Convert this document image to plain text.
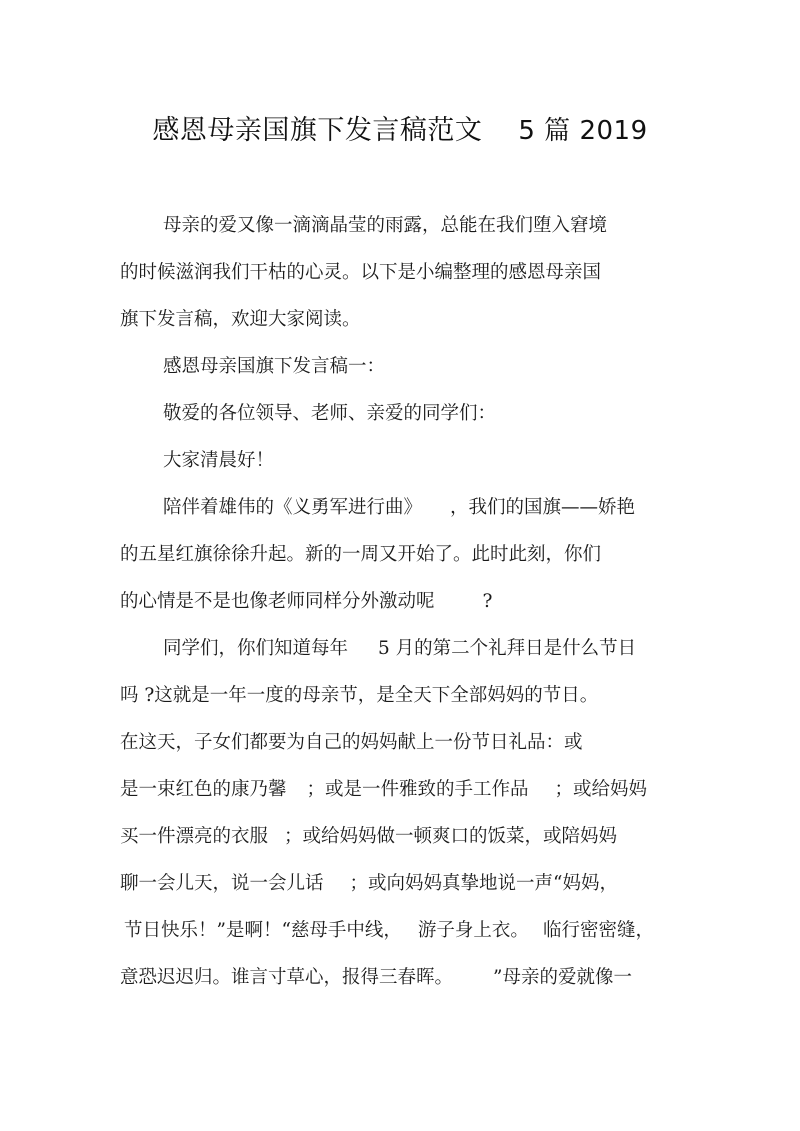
感恩母亲国旗下发言稿范文 5 篇 2019
母亲的爱又像一滴滴晶莹的雨露，总能在我们堕入窘境
的时候滋润我们干枯的心灵。以下是小编整理的感恩母亲国
旗下发言稿，欢迎大家阅读。
感恩母亲国旗下发言稿一：
敬爱的各位领导、老师、亲爱的同学们：
大家清晨好！
陪伴着雄伟的《义勇军进行曲》 ，我们的国旗——娇艳
的五星红旗徐徐升起。新的一周又开始了。此时此刻，你们
的心情是不是也像老师同样分外激动呢	?
同学们，你们知道每年 5 月的第二个礼拜日是什么节日
吗 ?这就是一年一度的母亲节，是全天下全部妈妈的节日。
在这天，子女们都要为自己的妈妈献上一份节日礼品：或
是一束红色的康乃馨 ；或是一件雅致的手工作品 ；或给妈妈
买一件漂亮的衣服 ；或给妈妈做一顿爽口的饭菜，或陪妈妈
聊一会儿天，说一会儿话 ；或向妈妈真挚地说一声“妈妈，
节日快乐！”是啊！“慈母手中线， 游子身上衣。 临行密密缝，
意恐迟迟归。谁言寸草心，报得三春晖。 ”母亲的爱就像一
